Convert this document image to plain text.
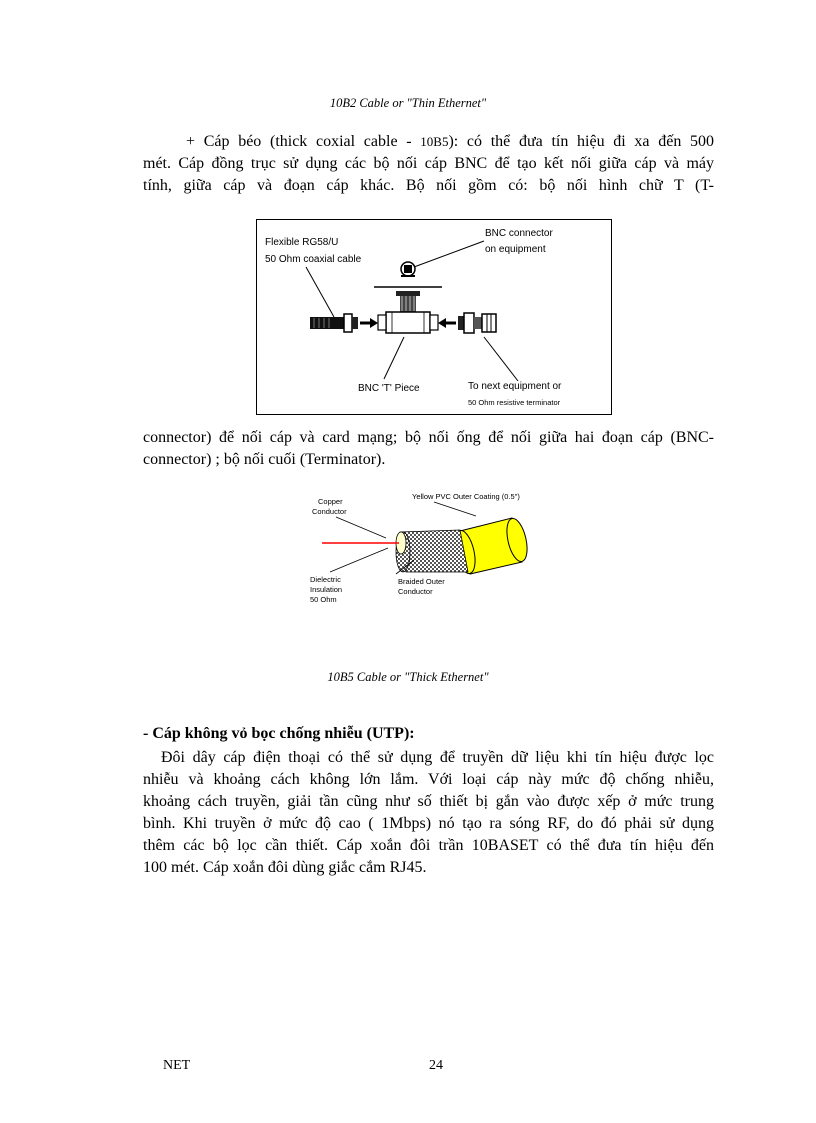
10B2 Cable or "Thin Ethernet"
+ Cáp béo (thick coxial cable - 10B5): có thể đưa tín hiệu đi xa đến 500
mét. Cáp đồng trục sử dụng các bộ nối cáp BNC để tạo kết nối giữa cáp và máy
tính, giữa cáp và đoạn cáp khác. Bộ nối gồm có: bộ nối hình chữ T (T-
Flexible RG58/U
50 Ohm coaxial cable
BNC connector
on equipment
BNC 'T' Piece	To next equipment or
50 Ohm resistive terminator
connector) để nối cáp và card mạng; bộ nối ống để nối giữa hai đoạn cáp (BNC-
connector) ; bộ nối cuối (Terminator).
Copper
Conductor
Yellow PVC Outer Coating (0.5")
Dielectric
Insulation
50 Ohm
Braided Outer
Conductor
10B5 Cable or "Thick Ethernet"
- Cáp không vỏ bọc chống nhiễu (UTP):
Đôi dây cáp điện thoại có thể sử dụng để truyền dữ liệu khi tín hiệu được lọc
nhiễu và khoảng cách không lớn lắm. Với loại cáp này mức độ chống nhiễu,
khoảng cách truyền, giải tần cũng như số thiết bị gắn vào được xếp ở mức trung
bình. Khi truyền ở mức độ cao ( 1Mbps) nó tạo ra sóng RF, do đó phải sử dụng
thêm các bộ lọc cần thiết. Cáp xoắn đôi trần 10BASET có thể đưa tín hiệu đến
100 mét. Cáp xoắn đôi dùng giắc cắm RJ45.
NET	24
